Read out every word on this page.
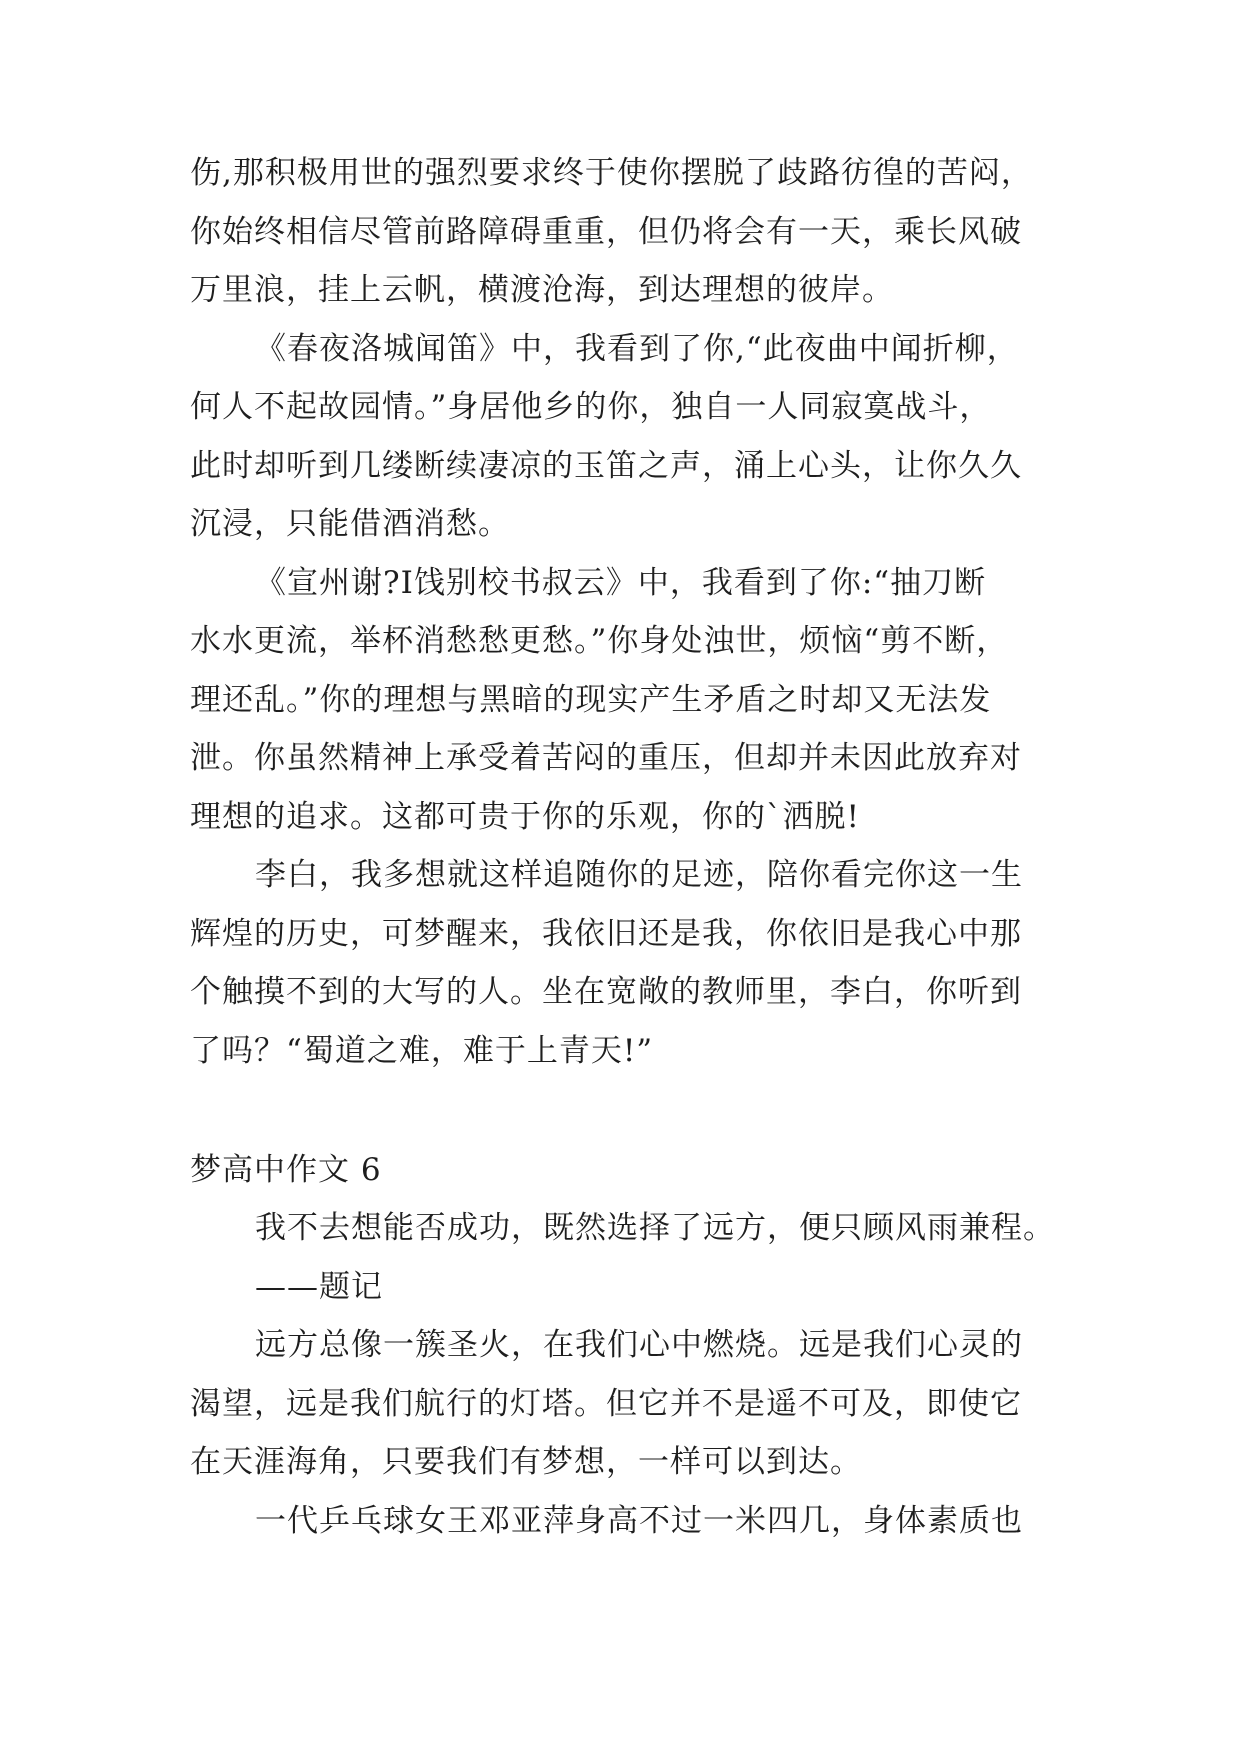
伤,那积极用世的强烈要求终于使你摆脱了歧路彷徨的苦闷，

你始终相信尽管前路障碍重重，但仍将会有一天，乘长风破

万里浪，挂上云帆，横渡沧海，到达理想的彼岸。

《春夜洛城闻笛》中，我看到了你,“此夜曲中闻折柳，

何人不起故园情。”身居他乡的你，独自一人同寂寞战斗，

此时却听到几缕断续凄凉的玉笛之声，涌上心头，让你久久

沉浸，只能借酒消愁。

《宣州谢?I饯别校书叔云》中，我看到了你:“抽刀断

水水更流，举杯消愁愁更愁。”你身处浊世，烦恼“剪不断，

理还乱。”你的理想与黑暗的现实产生矛盾之时却又无法发

泄。你虽然精神上承受着苦闷的重压，但却并未因此放弃对

理想的追求。这都可贵于你的乐观，你的`洒脱!

李白，我多想就这样追随你的足迹，陪你看完你这一生

辉煌的历史，可梦醒来，我依旧还是我，你依旧是我心中那

个触摸不到的大写的人。坐在宽敞的教师里，李白，你听到

了吗？“蜀道之难，难于上青天!”

梦高中作文 6

我不去想能否成功，既然选择了远方，便只顾风雨兼程。

——题记

远方总像一簇圣火，在我们心中燃烧。远是我们心灵的

渴望，远是我们航行的灯塔。但它并不是遥不可及，即使它

在天涯海角，只要我们有梦想，一样可以到达。

一代乒乓球女王邓亚萍身高不过一米四几，身体素质也
